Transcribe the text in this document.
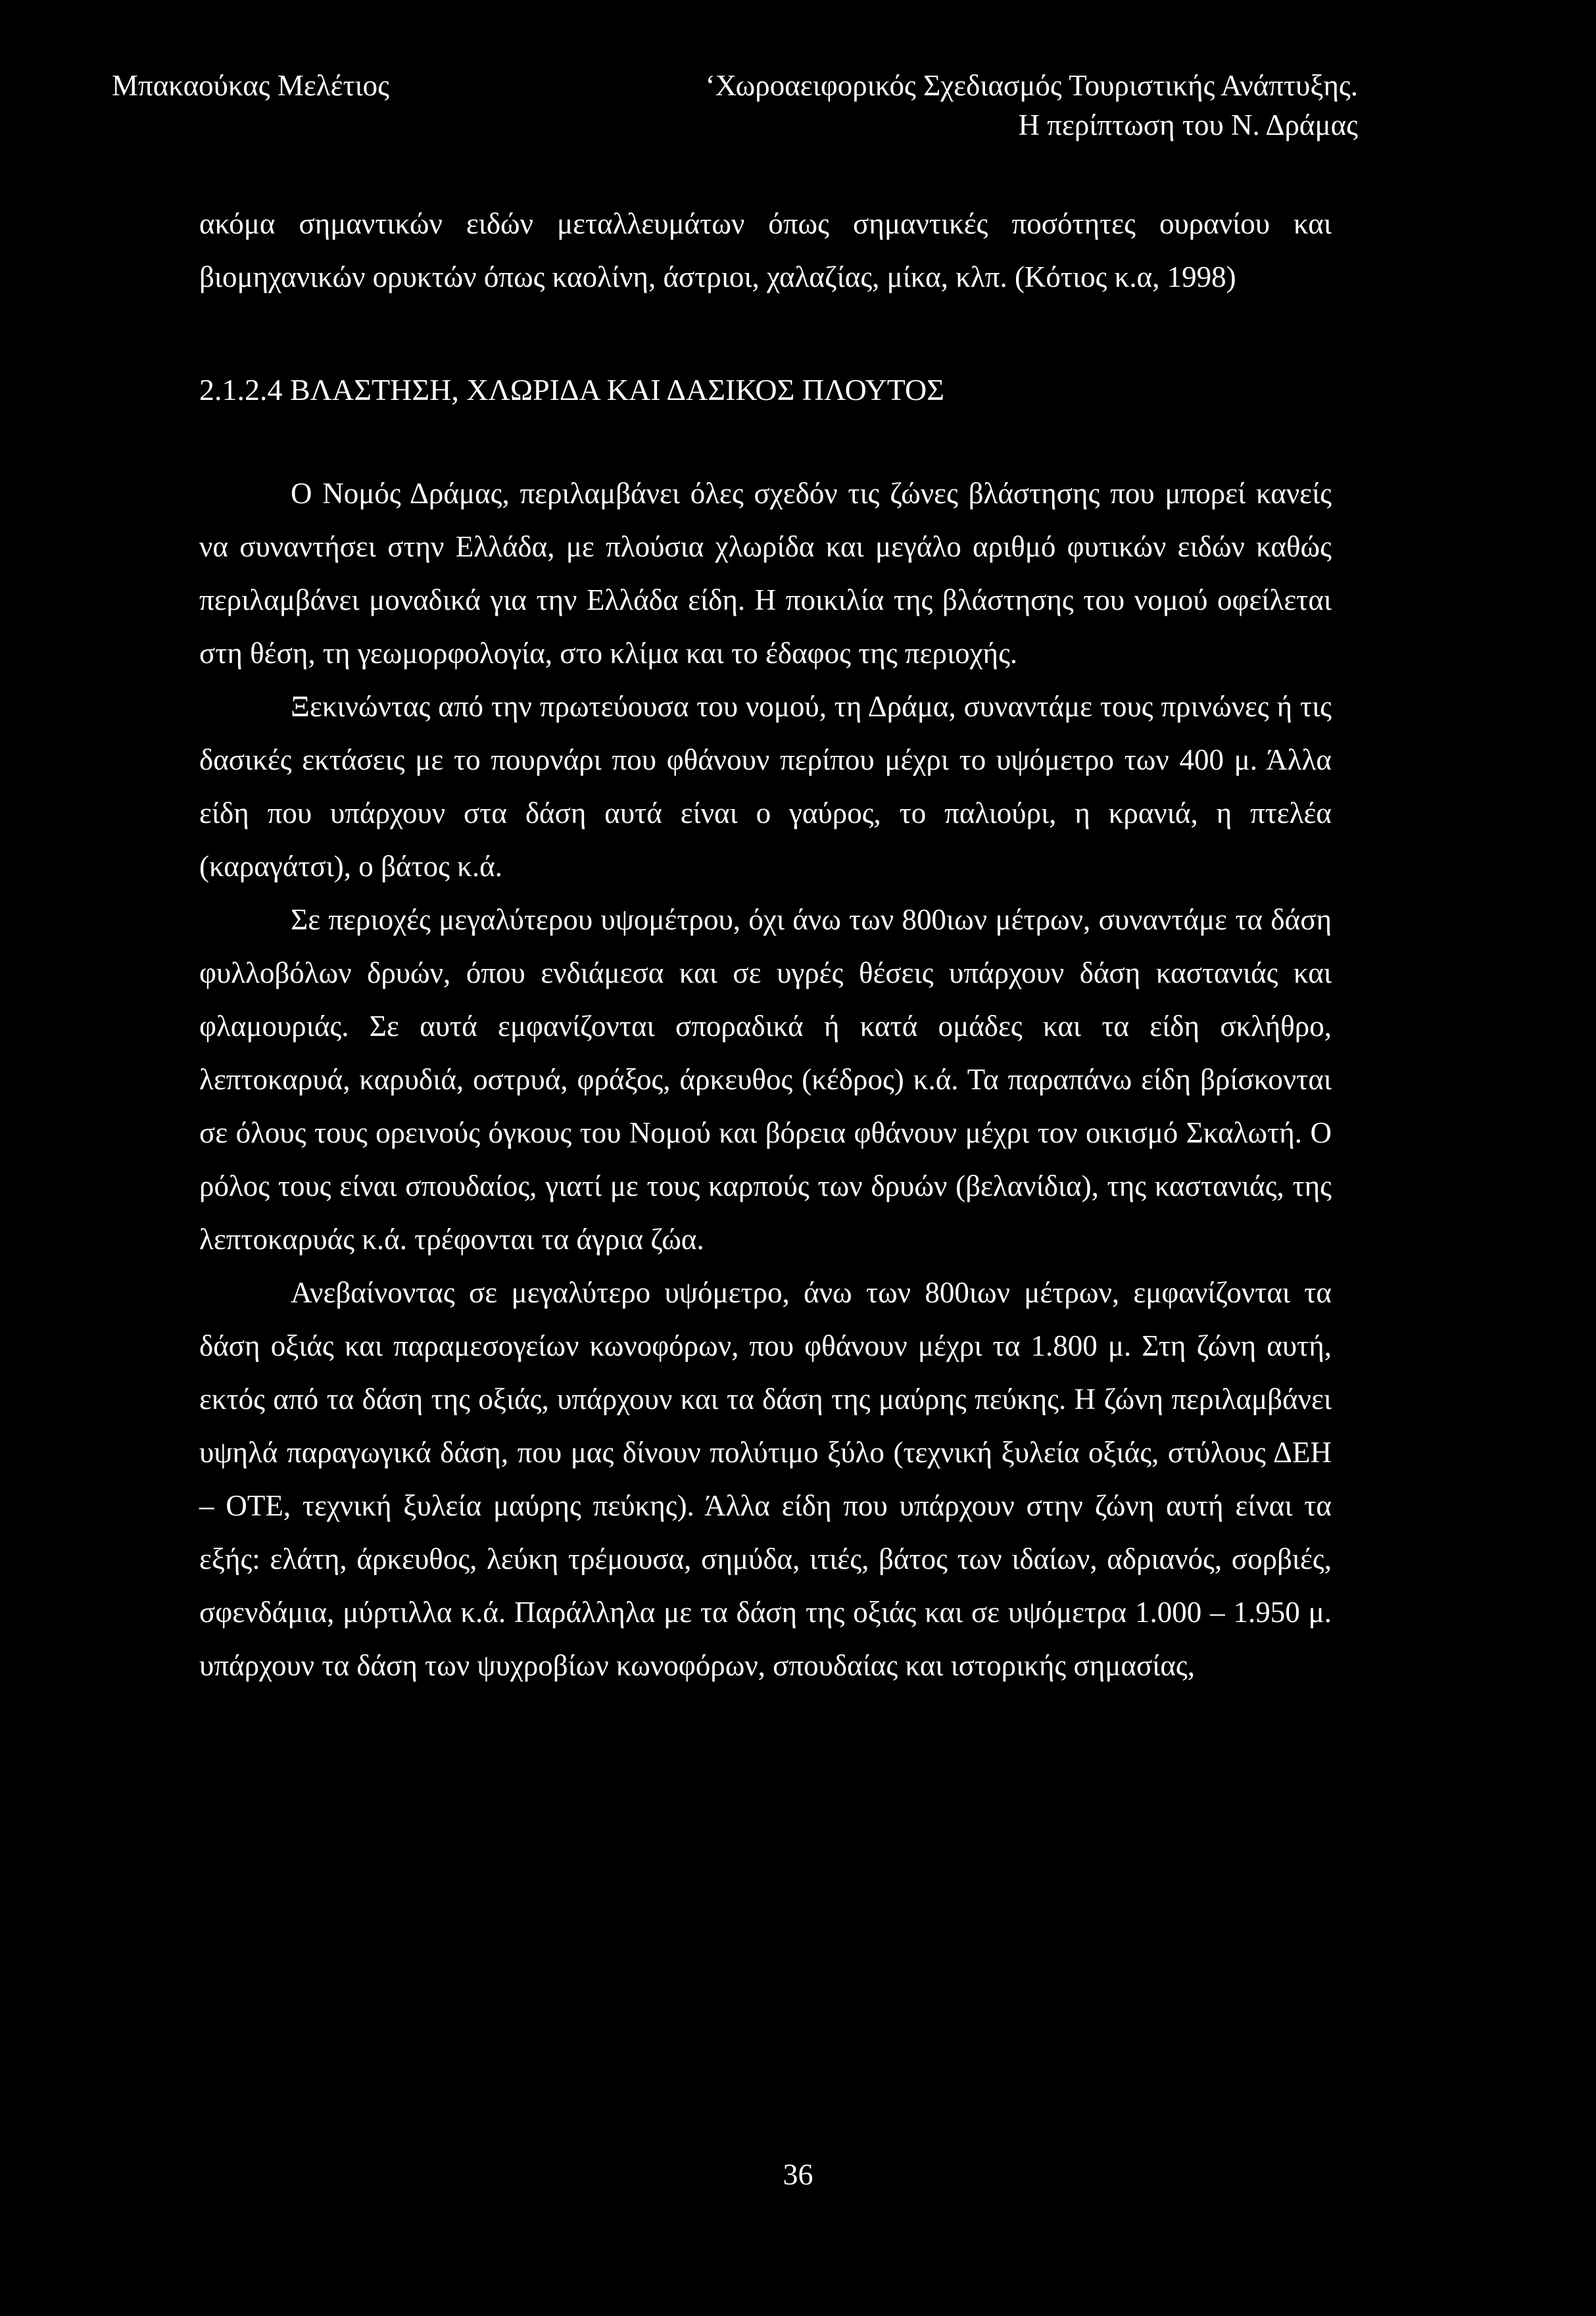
Μπακαούκας Μελέτιος	‘Χωροαειφορικός Σχεδιασμός Τουριστικής Ανάπτυξης.
Η περίπτωση του Ν. Δράμας

ακόμα σημαντικών ειδών μεταλλευμάτων όπως σημαντικές ποσότητες ουρανίου και βιομηχανικών ορυκτών όπως καολίνη, άστριοι, χαλαζίας, μίκα, κλπ. (Κότιος κ.α, 1998)

2.1.2.4 ΒΛΑΣΤΗΣΗ, ΧΛΩΡΙΔΑ ΚΑΙ ΔΑΣΙΚΟΣ ΠΛΟΥΤΟΣ

Ο Νομός Δράμας, περιλαμβάνει όλες σχεδόν τις ζώνες βλάστησης που μπορεί κανείς να συναντήσει στην Ελλάδα, με πλούσια χλωρίδα και μεγάλο αριθμό φυτικών ειδών καθώς περιλαμβάνει μοναδικά για την Ελλάδα είδη. Η ποικιλία της βλάστησης του νομού οφείλεται στη θέση, τη γεωμορφολογία, στο κλίμα και το έδαφος της περιοχής.

Ξεκινώντας από την πρωτεύουσα του νομού, τη Δράμα, συναντάμε τους πρινώνες ή τις δασικές εκτάσεις με το πουρνάρι που φθάνουν περίπου μέχρι το υψόμετρο των 400 μ. Άλλα είδη που υπάρχουν στα δάση αυτά είναι ο γαύρος, το παλιούρι, η κρανιά, η πτελέα (καραγάτσι), ο βάτος κ.ά.

Σε περιοχές μεγαλύτερου υψομέτρου, όχι άνω των 800ιων μέτρων, συναντάμε τα δάση φυλλοβόλων δρυών, όπου ενδιάμεσα και σε υγρές θέσεις υπάρχουν δάση καστανιάς και φλαμουριάς. Σε αυτά εμφανίζονται σποραδικά ή κατά ομάδες και τα είδη σκλήθρο, λεπτοκαρυά, καρυδιά, οστρυά, φράξος, άρκευθος (κέδρος) κ.ά. Τα παραπάνω είδη βρίσκονται σε όλους τους ορεινούς όγκους του Νομού και βόρεια φθάνουν μέχρι τον οικισμό Σκαλωτή. Ο ρόλος τους είναι σπουδαίος, γιατί με τους καρπούς των δρυών (βελανίδια), της καστανιάς, της λεπτοκαρυάς κ.ά. τρέφονται τα άγρια ζώα.

Ανεβαίνοντας σε μεγαλύτερο υψόμετρο, άνω των 800ιων μέτρων, εμφανίζονται τα δάση οξιάς και παραμεσογείων κωνοφόρων, που φθάνουν μέχρι τα 1.800 μ. Στη ζώνη αυτή, εκτός από τα δάση της οξιάς, υπάρχουν και τα δάση της μαύρης πεύκης. Η ζώνη περιλαμβάνει υψηλά παραγωγικά δάση, που μας δίνουν πολύτιμο ξύλο (τεχνική ξυλεία οξιάς, στύλους ΔΕΗ – ΟΤΕ, τεχνική ξυλεία μαύρης πεύκης). Άλλα είδη που υπάρχουν στην ζώνη αυτή είναι τα εξής: ελάτη, άρκευθος, λεύκη τρέμουσα, σημύδα, ιτιές, βάτος των ιδαίων, αδριανός, σορβιές, σφενδάμια, μύρτιλλα κ.ά. Παράλληλα με τα δάση της οξιάς και σε υψόμετρα 1.000 – 1.950 μ. υπάρχουν τα δάση των ψυχροβίων κωνοφόρων, σπουδαίας και ιστορικής σημασίας,

36
